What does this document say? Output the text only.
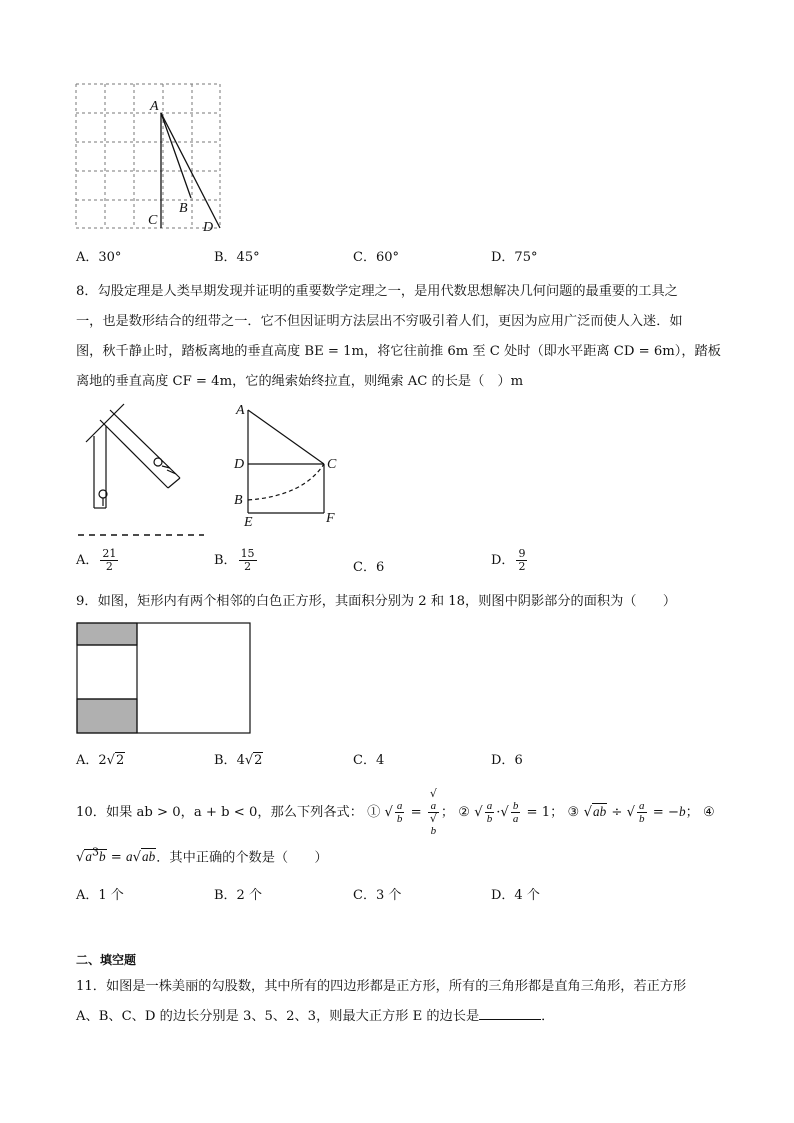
A
B
C	D
A．30°	B．45°	C．60°	D．75°
8．勾股定理是人类早期发现并证明的重要数学定理之一，是用代数思想解决几何问题的最重要的工具之
一，也是数形结合的纽带之一．它不但因证明方法层出不穷吸引着人们，更因为应用广泛而使人入迷．如
图，秋千静止时，踏板离地的垂直高度 BE = 1m，将它往前推 6m 至 C 处时（即水平距离 CD = 6m），踏板
离地的垂直高度 CF = 4m，它的绳索始终拉直，则绳索 AC 的长是（　）m
A
D	C
B
E	F
A． $\frac{21}{2}$	B． $\frac{15}{2}$	C．6	D． $\frac{9}{2}$
9．如图，矩形内有两个相邻的白色正方形，其面积分别为 2 和 18，则图中阴影部分的面积为（　　）
A．2√2	B．4√2	C．4	D．6
10．如果 ab > 0，a + b < 0，那么下列各式： ① √ $\frac{a}{b}$ = √
a
√
b ； ② √ $\frac{a}{b}$ ·√ $\frac{b}{a} = 1$； ③ √ab ÷ √ $\frac{a}{b} = -b$； ④
$√a^3b = a√ab$．其中正确的个数是（　　）
A．1 个	B．2 个	C．3 个	D．4 个
二、填空题
11．如图是一株美丽的勾股数，其中所有的四边形都是正方形，所有的三角形都是直角三角形，若正方形
A、B、C、D 的边长分别是 3、5、2、3，则最大正方形 E 的边长是	．
